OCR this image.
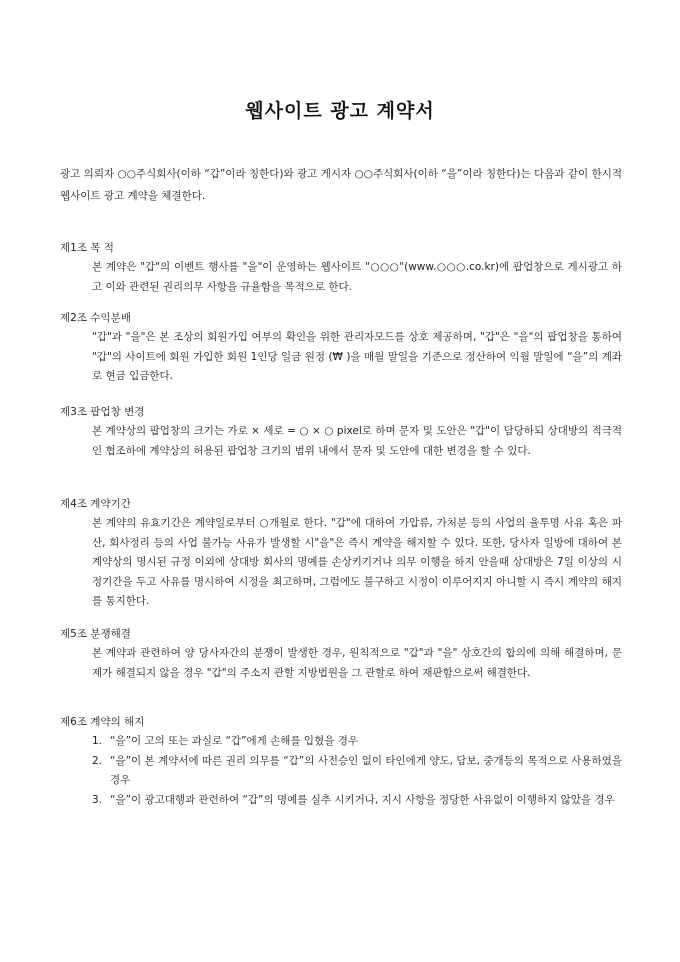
웹사이트 광고 계약서
광고 의뢰자 ○○주식회사(이하 “갑”이라 칭한다)와 광고 게시자 ○○주식회사(이하 “을”이라 칭한다)는 다음과 같이 한시적 웹사이트 광고 계약을 체결한다.
제1조 목 적
본 계약은 "갑"의 이벤트 행사를 "을"이 운영하는 웹사이트 "○○○"(www.○○○.co.kr)에 팝업창으로 게시광고 하고 이와 관련된 권리의무 사항을 규율함을 목적으로 한다.
제2조 수익분배
"갑"과 "을"은 본 조상의 회원가입 여부의 확인을 위한 관리자모드를 상호 제공하며, "갑"은 "을"의 팝업창을 통하여 "갑"의 사이트에 회원 가입한 회원 1인당 일금 원정 (₩ )을 매월 말일을 기준으로 정산하여 익월 말일에 “을”의 계좌로 현금 입금한다.
제3조 팝업창 변경
본 계약상의 팝업창의 크기는 가로 × 세로 = ○ × ○ pixel로 하며 문자 및 도안은 "갑"이 담당하되 상대방의 적극적인 협조하에 계약상의 허용된 팝업창 크기의 범위 내에서 문자 및 도안에 대한 변경을 할 수 있다.
제4조 계약기간
본 계약의 유효기간은 계약일로부터 ○개월로 한다. "갑"에 대하여 가압류, 가처분 등의 사업의 율투명 사유 혹은 파산, 회사정리 등의 사업 불가능 사유가 발생할 시"을"은 즉시 계약을 해지할 수 있다. 또한, 당사자 일방에 대하여 본 계약상의 명시된 규정 이외에 상대방 회사의 명예를 손상키기거나 의무 이행을 하지 안을때 상대방은 7일 이상의 시정기간을 두고 사유를 명시하여 시정을 최고하며, 그럼에도 불구하고 시정이 이루어지지 아니할 시 즉시 계약의 해지를 통지한다.
제5조 분쟁해결
본 계약과 관련하여 양 당사자간의 분쟁이 발생한 경우, 원칙적으로 "갑"과 "을" 상호간의 합의에 의해 해결하며, 문제가 해결되지 않을 경우 "갑"의 주소지 관할 지방법원을 그 관할로 하여 재판함으로써 해결한다.
제6조 계약의 해지
1. “을”이 고의 또는 과실로 “갑”에게 손해를 입혔을 경우
2. “을”이 본 계약서에 따른 권리 의무를 “갑”의 사전승인 없이 타인에게 양도, 담보, 중개등의 목적으로 사용하였을 경우
3. “을”이 광고대행과 관련하여 “갑”의 명예를 실추 시키거나, 지시 사항을 정당한 사유없이 이행하지 않았을 경우
